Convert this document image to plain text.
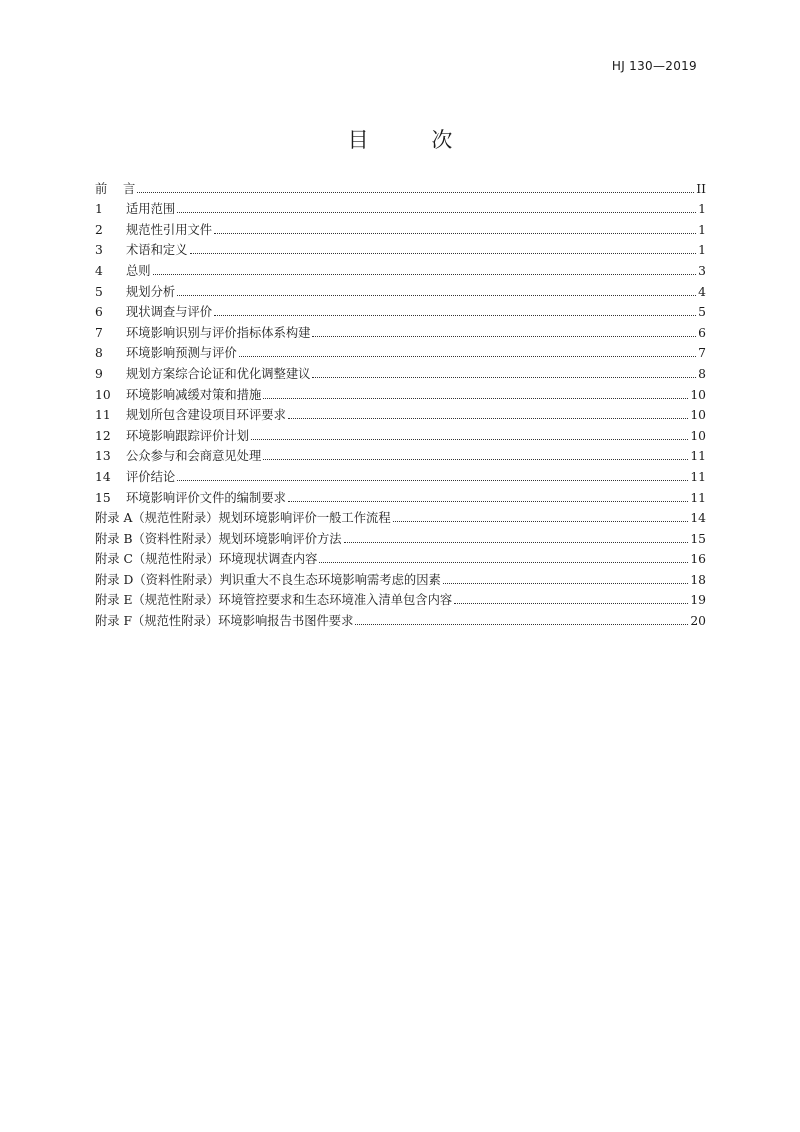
HJ 130—2019
目 次
前	言	II
1	适用范围	1
2	规范性引用文件	1
3	术语和定义	1
4	总则	3
5	规划分析	4
6	现状调查与评价	5
7	环境影响识别与评价指标体系构建	6
8	环境影响预测与评价	7
9	规划方案综合论证和优化调整建议	8
10	环境影响减缓对策和措施	10
11	规划所包含建设项目环评要求	10
12	环境影响跟踪评价计划	10
13	公众参与和会商意见处理	11
14	评价结论	11
15	环境影响评价文件的编制要求	11
附录 A（规范性附录）规划环境影响评价一般工作流程	14
附录 B（资料性附录）规划环境影响评价方法	15
附录 C（规范性附录）环境现状调查内容	16
附录 D（资料性附录）判识重大不良生态环境影响需考虑的因素	18
附录 E（规范性附录）环境管控要求和生态环境准入清单包含内容	19
附录 F（规范性附录）环境影响报告书图件要求	20
